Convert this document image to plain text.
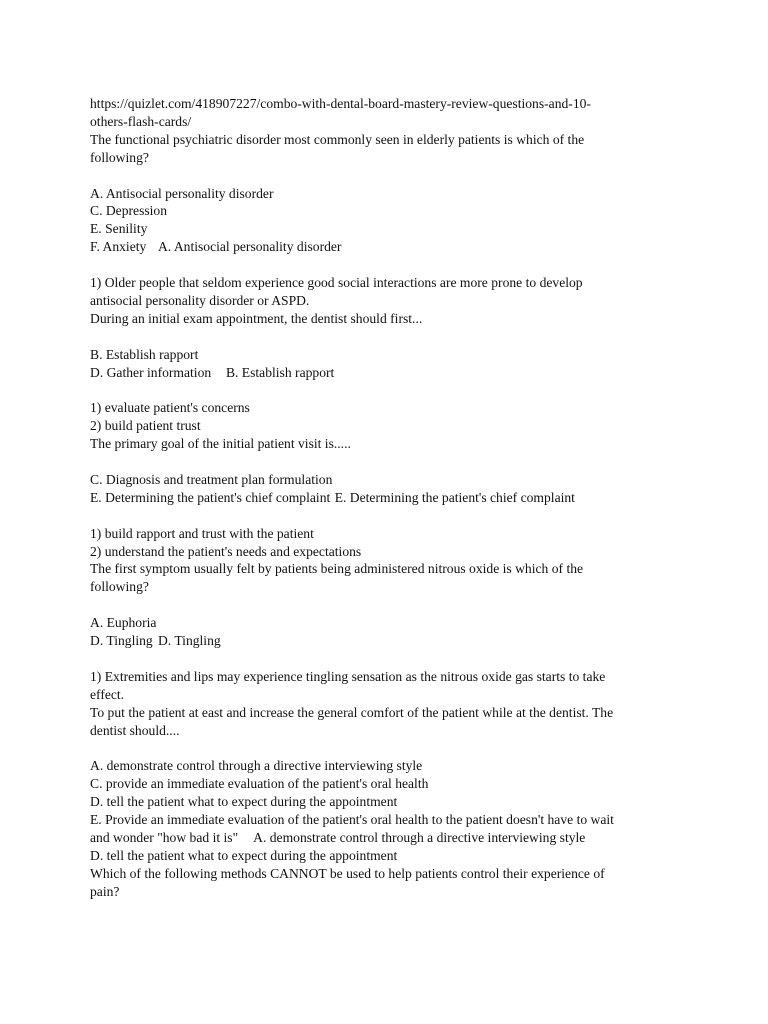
https://quizlet.com/418907227/combo-with-dental-board-mastery-review-questions-and-10-
others-flash-cards/
The functional psychiatric disorder most commonly seen in elderly patients is which of the
following?
A. Antisocial personality disorder
C. Depression
E. Senility
F. Anxiety	A. Antisocial personality disorder
1) Older people that seldom experience good social interactions are more prone to develop
antisocial personality disorder or ASPD.
During an initial exam appointment, the dentist should first...
B. Establish rapport
D. Gather information	B. Establish rapport
1) evaluate patient's concerns
2) build patient trust
The primary goal of the initial patient visit is.....
C. Diagnosis and treatment plan formulation
E. Determining the patient's chief complaint	E. Determining the patient's chief complaint
1) build rapport and trust with the patient
2) understand the patient's needs and expectations
The first symptom usually felt by patients being administered nitrous oxide is which of the
following?
A. Euphoria
D. Tingling	D. Tingling
1) Extremities and lips may experience tingling sensation as the nitrous oxide gas starts to take
effect.
To put the patient at east and increase the general comfort of the patient while at the dentist. The
dentist should....
A. demonstrate control through a directive interviewing style
C. provide an immediate evaluation of the patient's oral health
D. tell the patient what to expect during the appointment
E. Provide an immediate evaluation of the patient's oral health to the patient doesn't have to wait
and wonder "how bad it is"	A. demonstrate control through a directive interviewing style
D. tell the patient what to expect during the appointment
Which of the following methods CANNOT be used to help patients control their experience of
pain?
